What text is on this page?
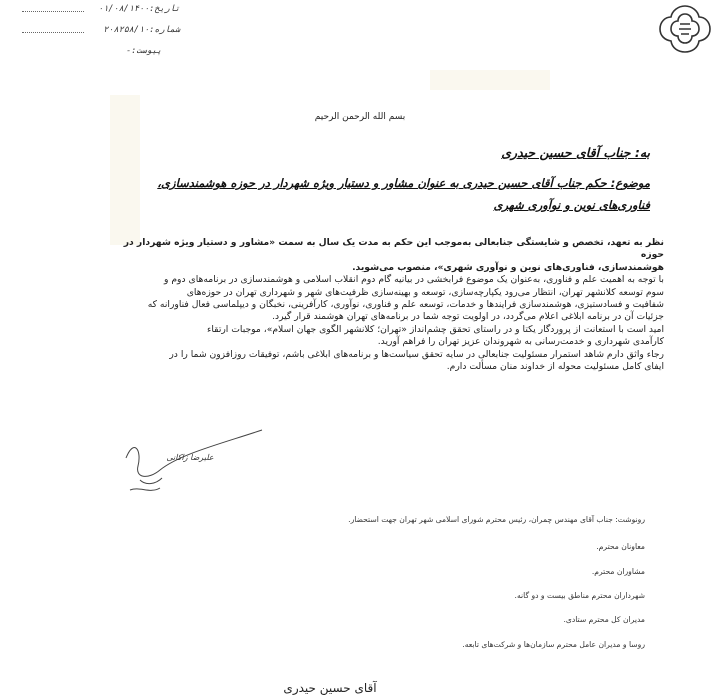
تاریخ:۰۱/۰۸/۱۴۰۰
شماره:۲۰۸۲۵۸/۱۰
پیوست:-
بسم الله الرحمن الرحیم
به: جناب آقای حسین حیدری
موضوع: حکم جناب آقای حسین حیدری به عنوان مشاور و دستیار ویژه شهردار در حوزه هوشمندسازی،
فناوری‌های نوین و نوآوری شهری
نظر به تعهد، تخصص و شایستگی جنابعالی به‌موجب این حکم به مدت یک سال به سمت «مشاور و دستیار ویژه شهردار در حوزه
هوشمندسازی، فناوری‌های نوین و نوآوری شهری»، منصوب می‌شوید.
با توجه به اهمیت علم و فناوری، به‌عنوان یک موضوع فرابخشی در بیانیه گام دوم انقلاب اسلامی و هوشمندسازی در برنامه‌های دوم و
سوم توسعه کلانشهر تهران، انتظار می‌رود یکپارچه‌سازی، توسعه و بهینه‌سازی ظرفیت‌های شهر و شهرداری تهران در حوزه‌های
شفافیت و فسادستیزی، هوشمندسازی فرایندها و خدمات، توسعه علم و فناوری، نوآوری، کارآفرینی، نخبگان و دیپلماسی فعال فناورانه که
جزئیات آن در برنامه ابلاغی اعلام می‌گردد، در اولویت توجه شما در برنامه‌های تهران هوشمند قرار گیرد.
امید است با استعانت از پروردگار یکتا و در راستای تحقق چشم‌انداز «تهران؛ کلانشهر الگوی جهان اسلام»، موجبات ارتقاء
کارآمدی شهرداری و خدمت‌رسانی به شهروندان عزیز تهران را فراهم آورید.
رجاء واثق دارم شاهد استمرار مسئولیت جنابعالی در سایه تحقق سیاست‌ها و برنامه‌های ابلاغی باشم، توفیقات روزافزون شما را در
ایفای کامل مسئولیت محوله از خداوند منان مسألت دارم.
علیرضا زاکانی
رونوشت: جناب آقای مهندس چمران، رئیس محترم شورای اسلامی شهر تهران جهت استحضار.
معاونان محترم.
مشاوران محترم.
شهرداران محترم مناطق بیست و دو گانه.
مدیران کل محترم ستادی.
روسا و مدیران عامل محترم سازمان‌ها و شرکت‌های تابعه.
آقای حسین حیدری
